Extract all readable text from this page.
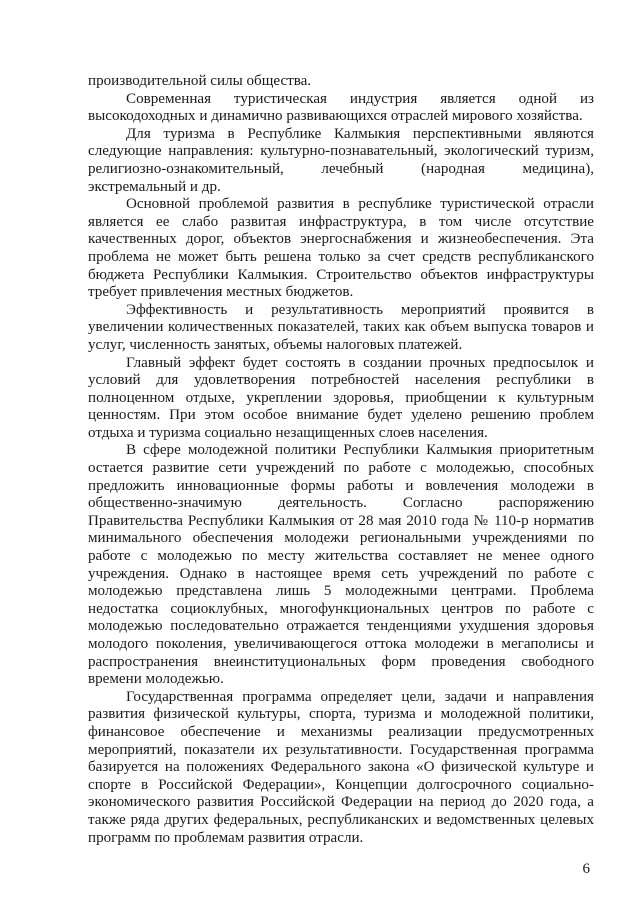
производительной силы общества.

Современная туристическая индустрия является одной из высокодоходных и динамично развивающихся отраслей мирового хозяйства.

Для туризма в Республике Калмыкия перспективными являются следующие направления: культурно-познавательный, экологический туризм, религиозно-ознакомительный, лечебный (народная медицина), экстремальный и др.

Основной проблемой развития в республике туристической отрасли является ее слабо развитая инфраструктура, в том числе отсутствие качественных дорог, объектов энергоснабжения и жизнеобеспечения. Эта проблема не может быть решена только за счет средств республиканского бюджета Республики Калмыкия. Строительство объектов инфраструктуры требует привлечения местных бюджетов.

Эффективность и результативность мероприятий проявится в увеличении количественных показателей, таких как объем выпуска товаров и услуг, численность занятых, объемы налоговых платежей.

Главный эффект будет состоять в создании прочных предпосылок и условий для удовлетворения потребностей населения республики в полноценном отдыхе, укреплении здоровья, приобщении к культурным ценностям. При этом особое внимание будет уделено решению проблем отдыха и туризма социально незащищенных слоев населения.

В сфере молодежной политики Республики Калмыкия приоритетным остается развитие сети учреждений по работе с молодежью, способных предложить инновационные формы работы и вовлечения молодежи в общественно-значимую деятельность. Согласно распоряжению Правительства Республики Калмыкия от 28 мая 2010 года № 110-р норматив минимального обеспечения молодежи региональными учреждениями по работе с молодежью по месту жительства составляет не менее одного учреждения. Однако в настоящее время сеть учреждений по работе с молодежью представлена лишь 5 молодежными центрами. Проблема недостатка социоклубных, многофункциональных центров по работе с молодежью последовательно отражается тенденциями ухудшения здоровья молодого поколения, увеличивающегося оттока молодежи в мегаполисы и распространения внеинституциональных форм проведения свободного времени молодежью.

Государственная программа определяет цели, задачи и направления развития физической культуры, спорта, туризма и молодежной политики, финансовое обеспечение и механизмы реализации предусмотренных мероприятий, показатели их результативности. Государственная программа базируется на положениях Федерального закона «О физической культуре и спорте в Российской Федерации», Концепции долгосрочного социально-экономического развития Российской Федерации на период до 2020 года, а также ряда других федеральных, республиканских и ведомственных целевых программ по проблемам развития отрасли.

6
